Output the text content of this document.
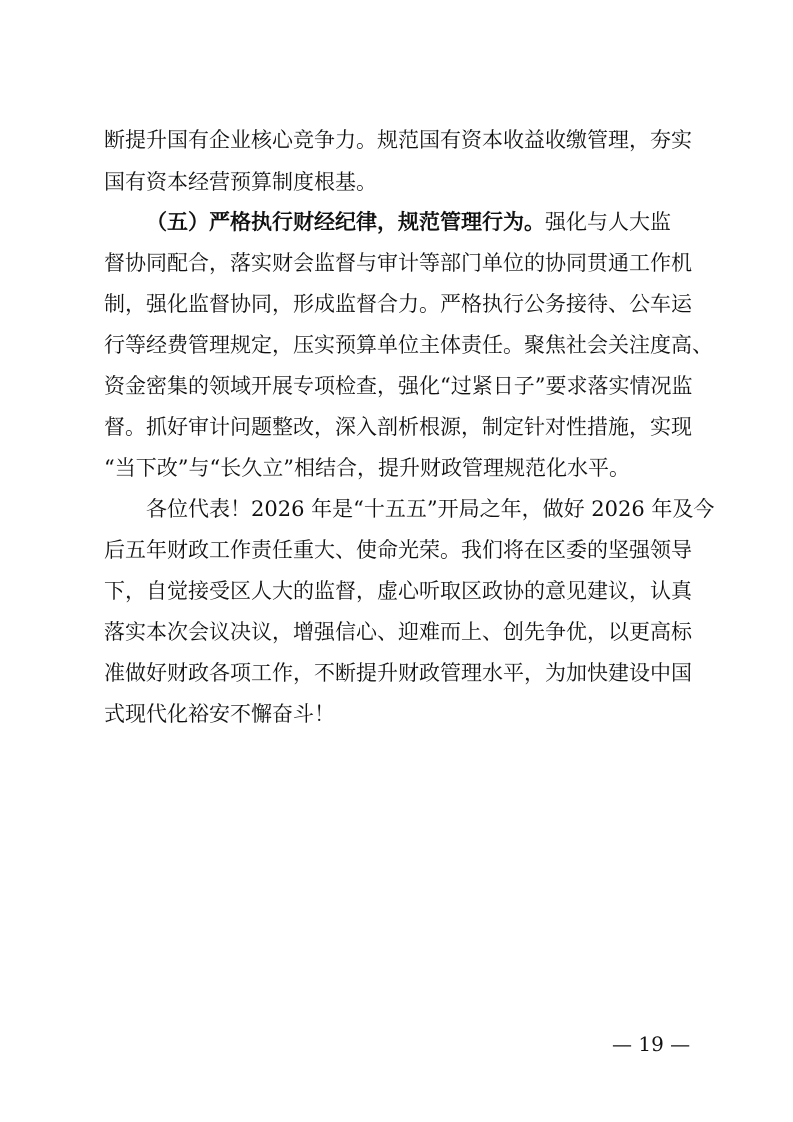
断提升国有企业核心竞争力。规范国有资本收益收缴管理，夯实
国有资本经营预算制度根基。
（五）严格执行财经纪律，规范管理行为。强化与人大监
督协同配合，落实财会监督与审计等部门单位的协同贯通工作机
制，强化监督协同，形成监督合力。严格执行公务接待、公车运
行等经费管理规定，压实预算单位主体责任。聚焦社会关注度高、
资金密集的领域开展专项检查，强化“过紧日子”要求落实情况监
督。抓好审计问题整改，深入剖析根源，制定针对性措施，实现
“当下改”与“长久立”相结合，提升财政管理规范化水平。
各位代表！2026 年是“十五五”开局之年，做好 2026 年及今
后五年财政工作责任重大、使命光荣。我们将在区委的坚强领导
下，自觉接受区人大的监督，虚心听取区政协的意见建议，认真
落实本次会议决议，增强信心、迎难而上、创先争优，以更高标
准做好财政各项工作，不断提升财政管理水平，为加快建设中国
式现代化裕安不懈奋斗！
— 19 —
